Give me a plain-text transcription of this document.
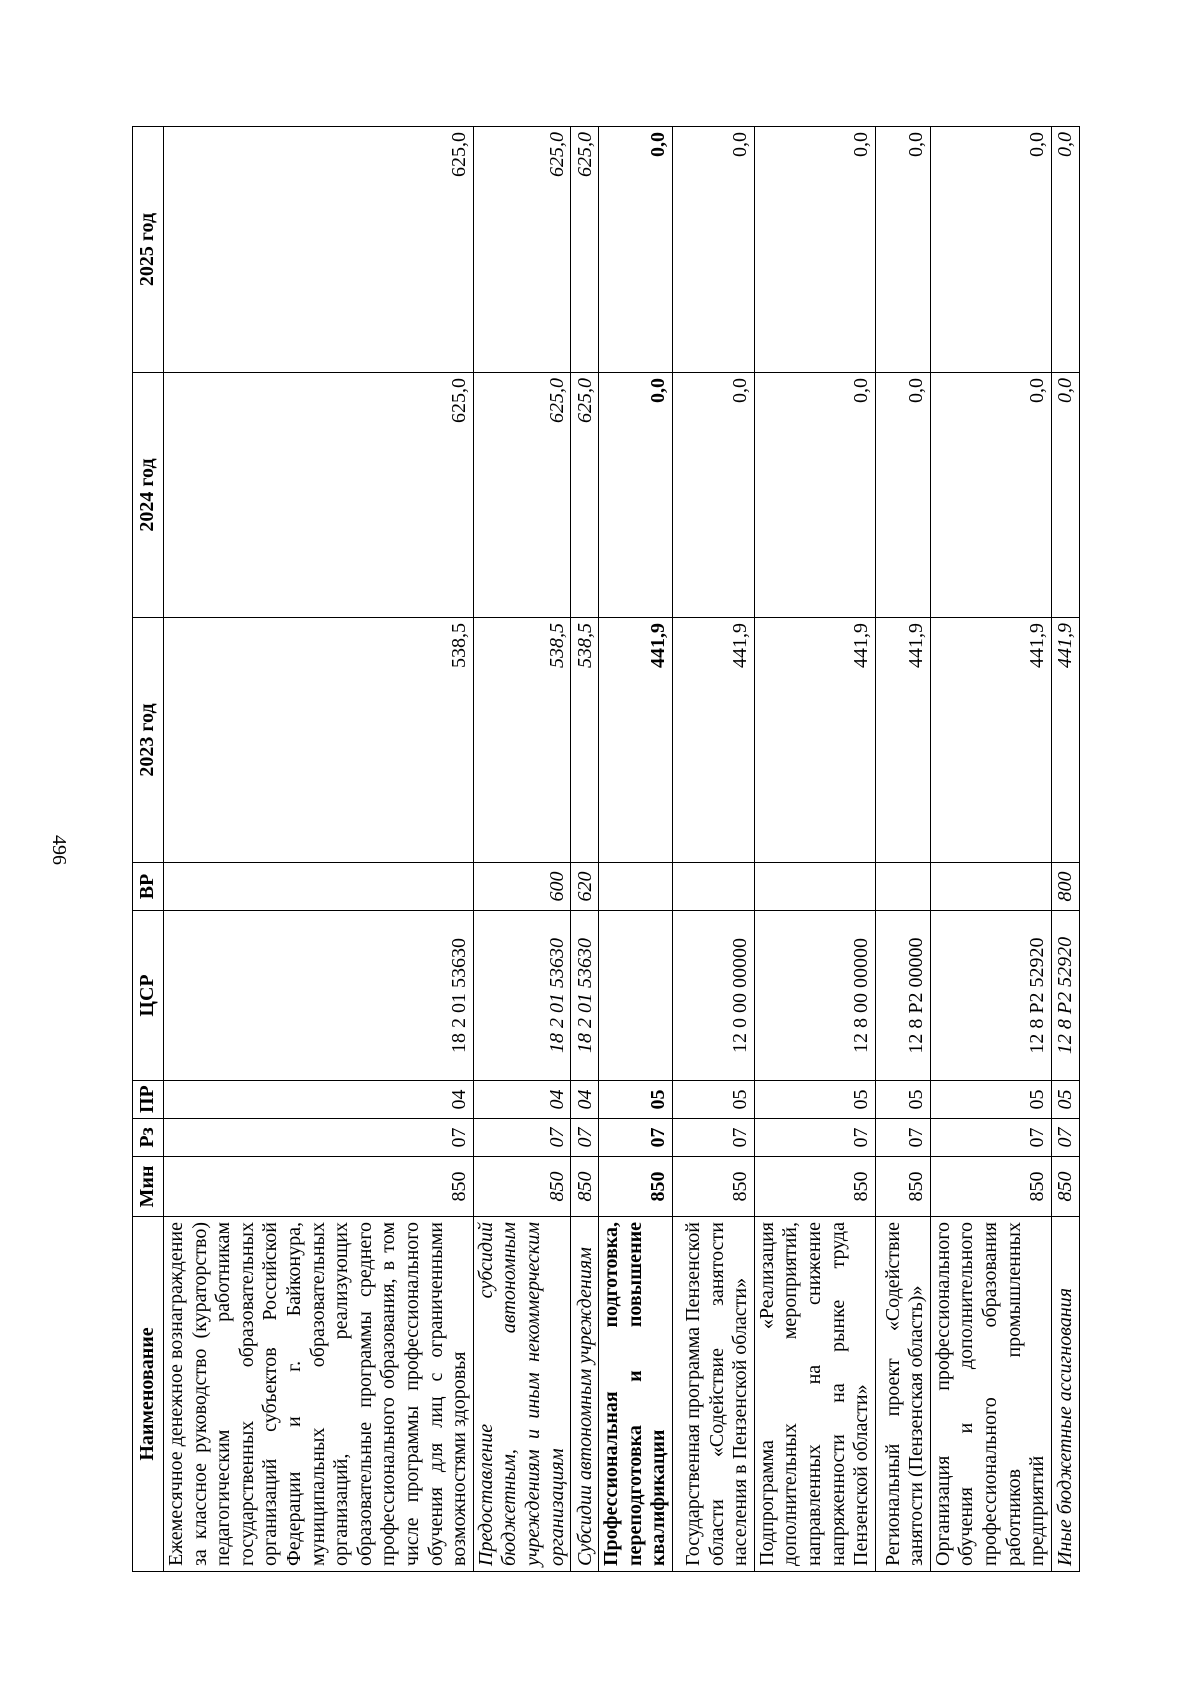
496
Наименование	Мин	Рз	ПР	ЦСР	ВР	2023 год	2024 год	2025 год
Ежемесячное денежное вознаграждение за классное руководство (кураторство) педагогическим работникам государственных образовательных организаций субъектов Российской Федерации и г. Байконура, муниципальных образовательных организаций, реализующих образовательные программы среднего профессионального образования, в том числе программы профессионального обучения для лиц с ограниченными возможностями здоровья	850	07	04	18 2 01 53630		538,5	625,0	625,0
Предоставление субсидий бюджетным, автономным учреждениям и иным некоммерческим организациям	850	07	04	18 2 01 53630	600	538,5	625,0	625,0
Субсидии автономным учреждениям	850	07	04	18 2 01 53630	620	538,5	625,0	625,0
Профессиональная подготовка, переподготовка и повышение квалификации	850	07	05			441,9	0,0	0,0
Государственная программа Пензенской области «Содействие занятости населения в Пензенской области»	850	07	05	12 0 00 00000		441,9	0,0	0,0
Подпрограмма «Реализация дополнительных мероприятий, направленных на снижение напряженности на рынке труда Пензенской области»	850	07	05	12 8 00 00000		441,9	0,0	0,0
Региональный проект «Содействие занятости (Пензенская область)»	850	07	05	12 8 Р2 00000		441,9	0,0	0,0
Организация профессионального обучения и дополнительного профессионального образования работников промышленных предприятий	850	07	05	12 8 Р2 52920		441,9	0,0	0,0
Иные бюджетные ассигнования	850	07	05	12 8 Р2 52920	800	441,9	0,0	0,0
